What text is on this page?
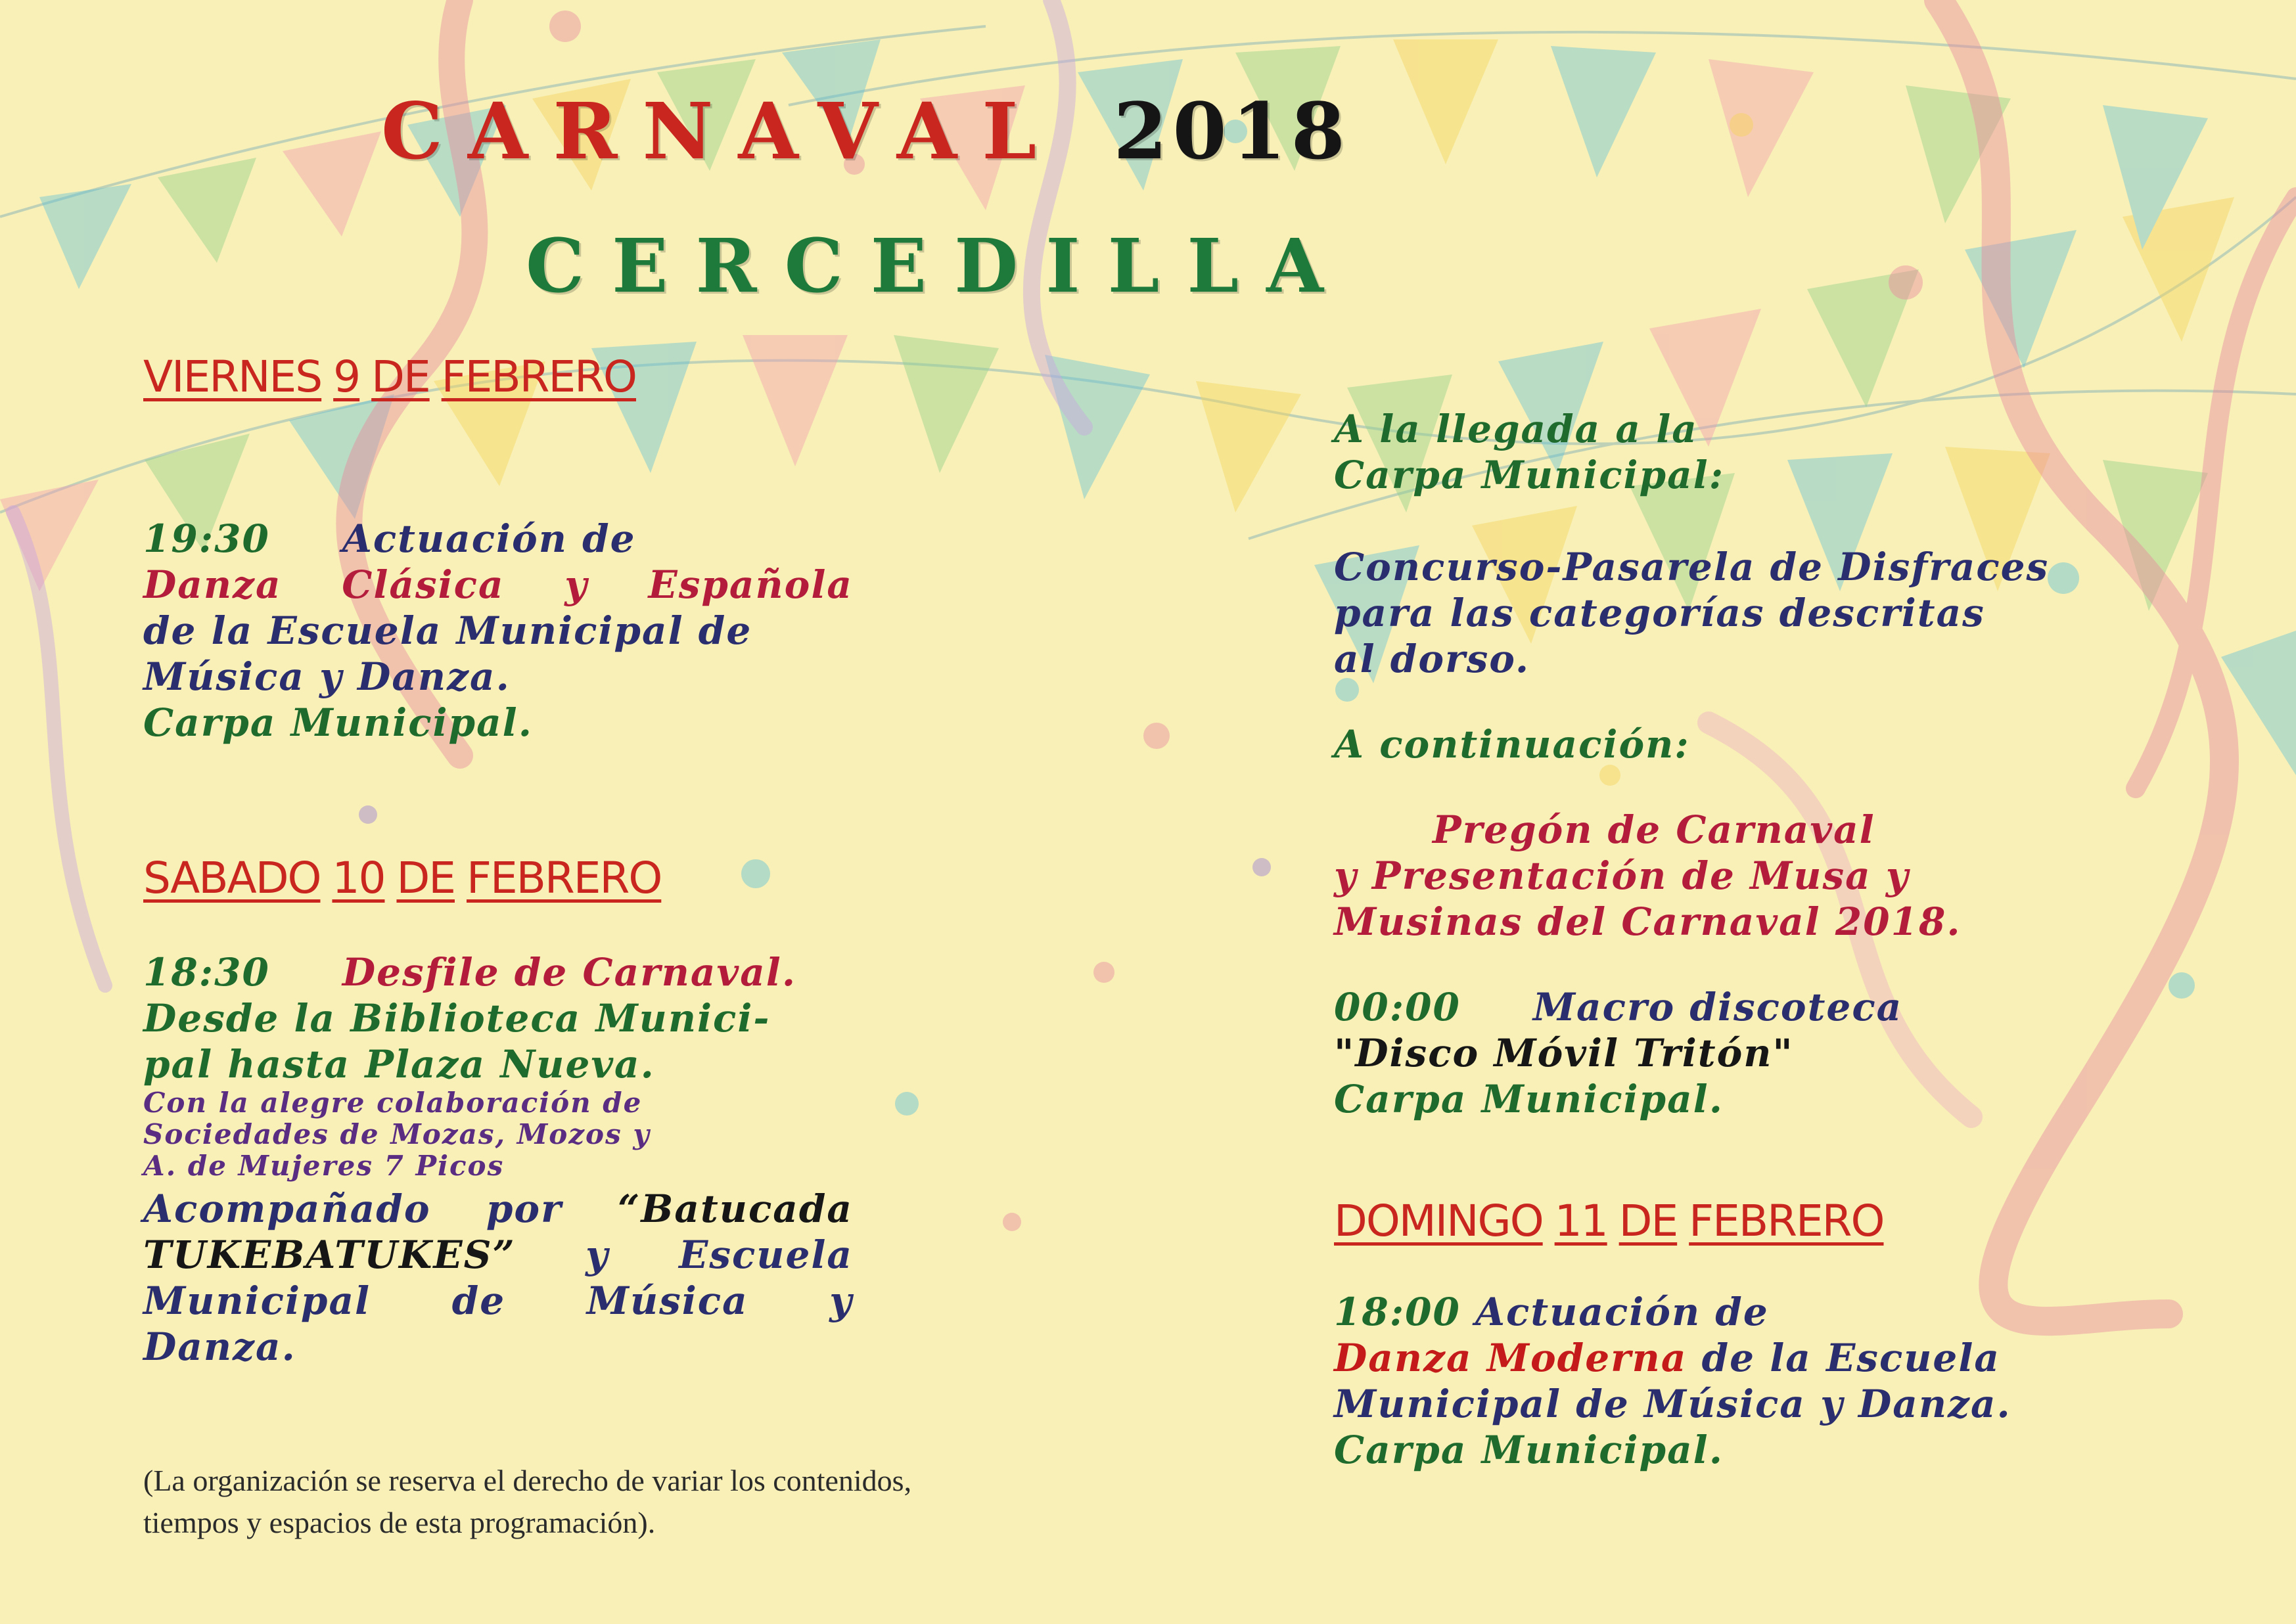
CARNAVAL 2018
CERCEDILLA
VIERNES 9 DE FEBRERO
19:30 Actuación de
Danza Clásica y Española
de la Escuela Municipal de
Música y Danza.
Carpa Municipal.
SABADO 10 DE FEBRERO
18:30 Desfile de Carnaval.
Desde la Biblioteca Munici-
pal hasta Plaza Nueva.
Con la alegre colaboración de
Sociedades de Mozas, Mozos y
A. de Mujeres 7 Picos
Acompañado por “Batucada
TUKEBATUKES” y Escuela
Municipal de Música y
Danza.
(La organización se reserva el derecho de variar los contenidos,
tiempos y espacios de esta programación).
A la llegada a la
Carpa Municipal:
Concurso-Pasarela de Disfraces
para las categorías descritas
al dorso.
A continuación:
Pregón de Carnaval
y Presentación de Musa y
Musinas del Carnaval 2018.
00:00 Macro discoteca
"Disco Móvil Tritón"
Carpa Municipal.
DOMINGO 11 DE FEBRERO
18:00 Actuación de
Danza Moderna de la Escuela
Municipal de Música y Danza.
Carpa Municipal.
